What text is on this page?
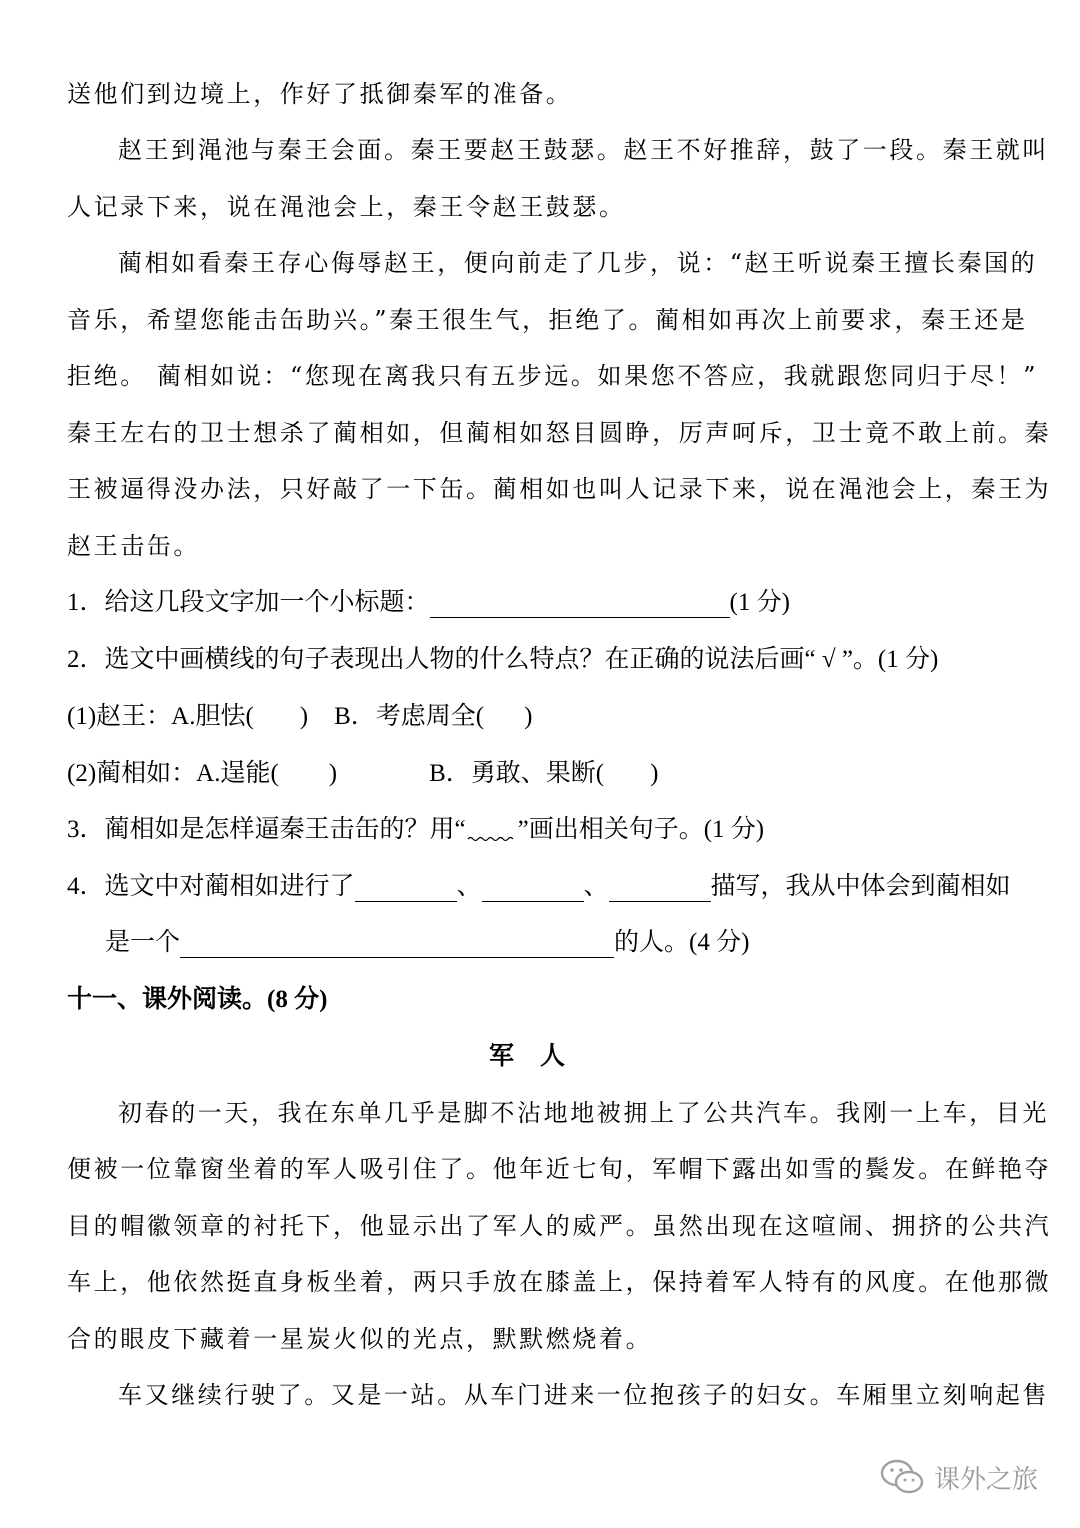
送他们到边境上，作好了抵御秦军的准备。
赵王到渑池与秦王会面。秦王要赵王鼓瑟。赵王不好推辞，鼓了一段。秦王就叫
人记录下来，说在渑池会上，秦王令赵王鼓瑟。
蔺相如看秦王存心侮辱赵王，便向前走了几步，说：“赵王听说秦王擅长秦国的
音乐，希望您能击缶助兴。”秦王很生气，拒绝了。蔺相如再次上前要求，秦王还是
拒绝。 蔺相如说：“您现在离我只有五步远。如果您不答应，我就跟您同归于尽！”
秦王左右的卫士想杀了蔺相如，但蔺相如怒目圆睁，厉声呵斥，卫士竟不敢上前。秦
王被逼得没办法，只好敲了一下缶。蔺相如也叫人记录下来，说在渑池会上，秦王为
赵王击缶。
1．给这几段文字加一个小标题：	(1 分)
2．选文中画横线的句子表现出人物的什么特点？在正确的说法后画“ √ ”。(1 分)
(1)赵王：A.胆怯( ) B．考虑周全( )
(2)蔺相如：A.逞能( )	B．勇敢、果断( )
3．蔺相如是怎样逼秦王击缶的？用“ ”画出相关句子。(1 分)
4．选文中对蔺相如进行了	、	、	描写，我从中体会到蔺相如
是一个	的人。(4 分)
十一、课外阅读。(8 分)
军人
初春的一天，我在东单几乎是脚不沾地地被拥上了公共汽车。我刚一上车，目光
便被一位靠窗坐着的军人吸引住了。他年近七旬，军帽下露出如雪的鬓发。在鲜艳夺
目的帽徽领章的衬托下，他显示出了军人的威严。虽然出现在这喧闹、拥挤的公共汽
车上，他依然挺直身板坐着，两只手放在膝盖上，保持着军人特有的风度。在他那微
合的眼皮下藏着一星炭火似的光点，默默燃烧着。
车又继续行驶了。又是一站。从车门进来一位抱孩子的妇女。车厢里立刻响起售
课外之旅
